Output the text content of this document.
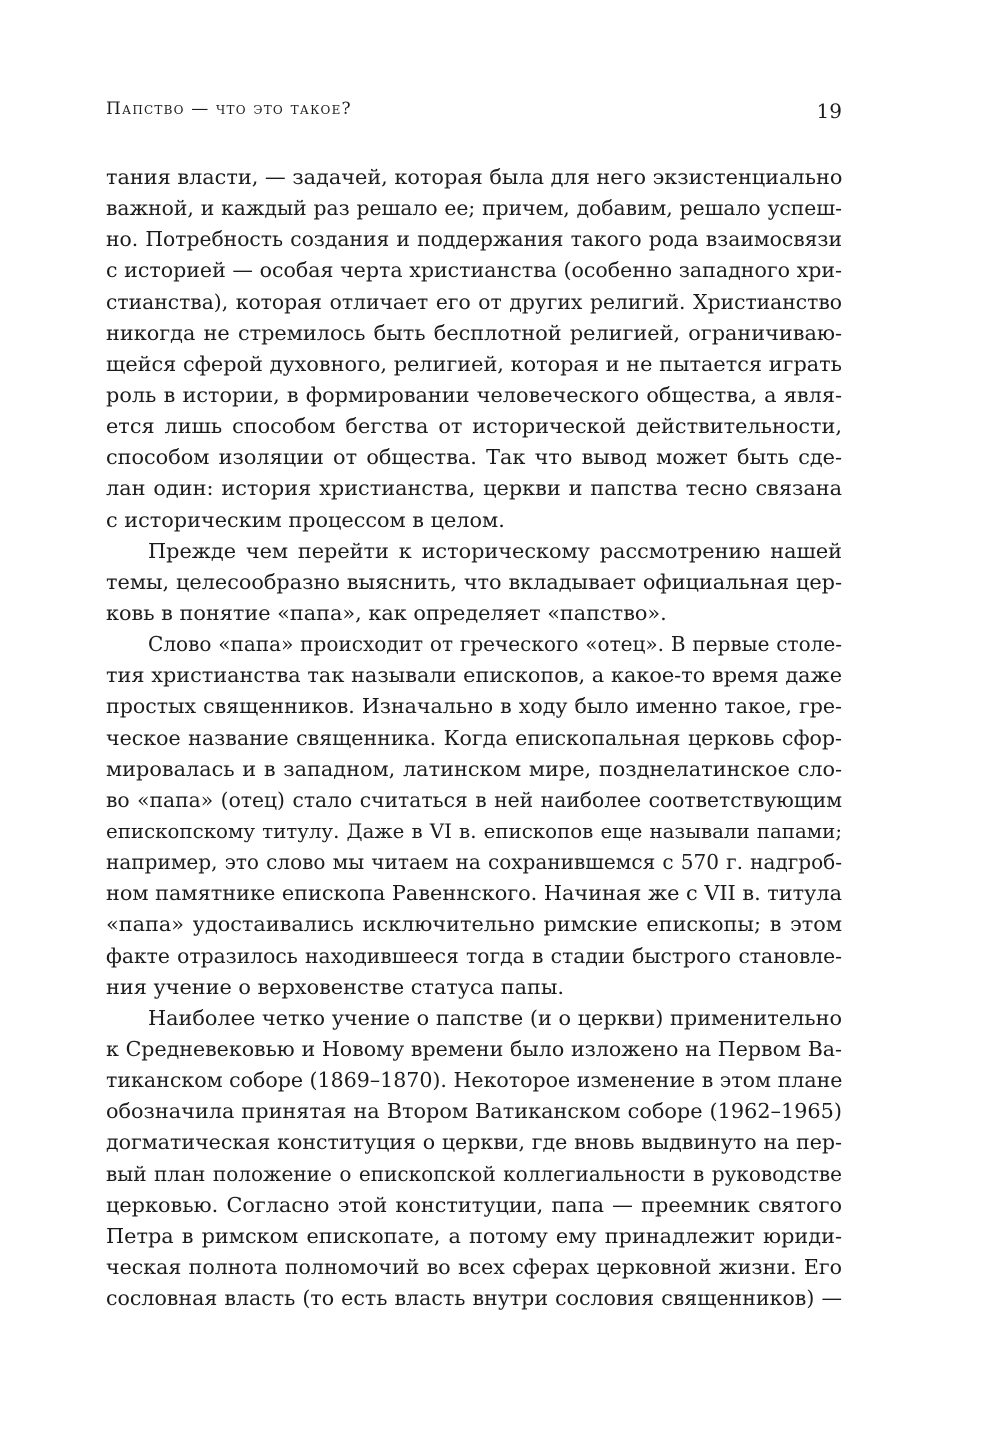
Папство — что это такое?	19
тания власти, — задачей, которая была для него экзистенциально
важной, и каждый раз решало ее; причем, добавим, решало успеш-
но. Потребность создания и поддержания такого рода взаимосвязи
с историей — особая черта христианства (особенно западного хри-
стианства), которая отличает его от других религий. Христианство
никогда не стремилось быть бесплотной религией, ограничиваю-
щейся сферой духовного, религией, которая и не пытается играть
роль в истории, в формировании человеческого общества, а явля-
ется лишь способом бегства от исторической действительности,
способом изоляции от общества. Так что вывод может быть сде-
лан один: история христианства, церкви и папства тесно связана
с историческим процессом в целом.
Прежде чем перейти к историческому рассмотрению нашей
темы, целесообразно выяснить, что вкладывает официальная цер-
ковь в понятие «папа», как определяет «папство».
Слово «папа» происходит от греческого «отец». В первые столе-
тия христианства так называли епископов, а какое-то время даже
простых священников. Изначально в ходу было именно такое, гре-
ческое название священника. Когда епископальная церковь сфор-
мировалась и в западном, латинском мире, позднелатинское сло-
во «папа» (отец) стало считаться в ней наиболее соответствующим
епископскому титулу. Даже в VI в. епископов еще называли папами;
например, это слово мы читаем на сохранившемся с 570 г. надгроб-
ном памятнике епископа Равеннского. Начиная же с VII в. титула
«папа» удостаивались исключительно римские епископы; в этом
факте отразилось находившееся тогда в стадии быстрого становле-
ния учение о верховенстве статуса папы.
Наиболее четко учение о папстве (и о церкви) применительно
к Средневековью и Новому времени было изложено на Первом Ва-
тиканском соборе (1869–1870). Некоторое изменение в этом плане
обозначила принятая на Втором Ватиканском соборе (1962–1965)
догматическая конституция о церкви, где вновь выдвинуто на пер-
вый план положение о епископской коллегиальности в руководстве
церковью. Согласно этой конституции, папа — преемник святого
Петра в римском епископате, а потому ему принадлежит юриди-
ческая полнота полномочий во всех сферах церковной жизни. Его
сословная власть (то есть власть внутри сословия священников) —
